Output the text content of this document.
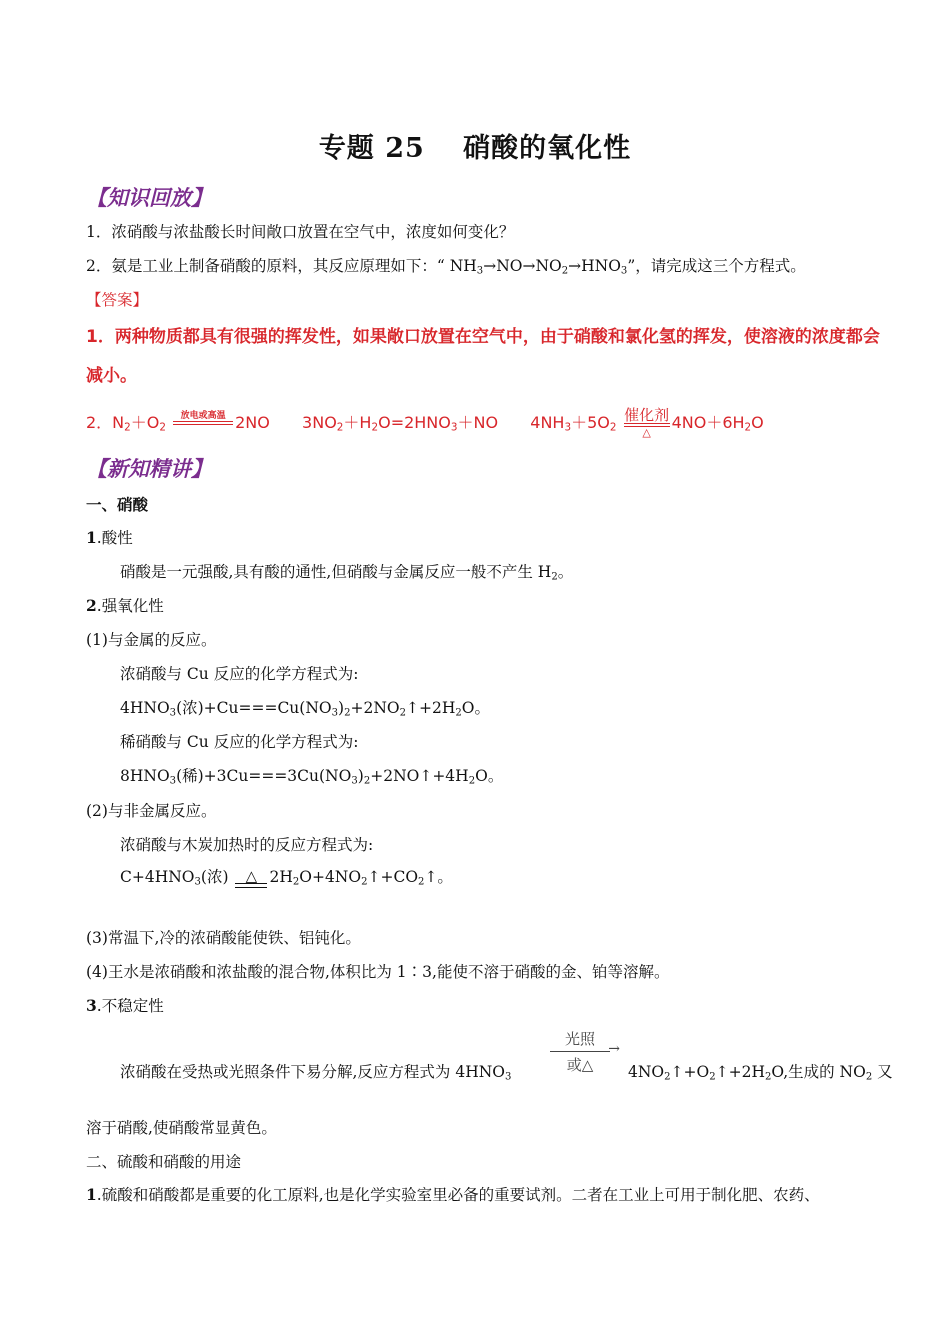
专题 25　 硝酸的氧化性
【知识回放】
1．浓硝酸与浓盐酸长时间敞口放置在空气中，浓度如何变化？
2．氨是工业上制备硝酸的原料，其反应原理如下：“ $NH_3\to NO\to NO_2\to HNO_3$”，请完成这三个方程式。
【答案】
1．两种物质都具有很强的挥发性，如果敞口放置在空气中，由于硝酸和氯化氢的挥发，使溶液的浓度都会
减小。
2．$N_2+O_2$
放电或高温
2NO $3NO_2+H_2O=2HNO_3+NO$ $4NH_3+5O_2$
催化剂
△
$4NO+6H_2O$
【新知精讲】
一、硝酸
1.酸性
硝酸是一元强酸,具有酸的通性,但硝酸与金属反应一般不产生 $H_2$。
2.强氧化性
(1)与金属的反应。
浓硝酸与 Cu 反应的化学方程式为:
$4HNO_3$(浓)$+Cu===Cu(NO_3)_2+2NO_2↑+2H_2O$。
稀硝酸与 Cu 反应的化学方程式为:
$8HNO_3$(稀)$+3Cu===3Cu(NO_3)_2+2NO↑+4H_2O$。
(2)与非金属反应。
浓硝酸与木炭加热时的反应方程式为:
$C+4HNO_3$(浓)	△ $2H_2O+4NO_2↑+CO_2↑$。
(3)常温下,冷的浓硝酸能使铁、铝钝化。
(4)王水是浓硝酸和浓盐酸的混合物,体积比为 1∶3,能使不溶于硝酸的金、铂等溶解。
3.不稳定性
光照
→
或△
浓硝酸在受热或光照条件下易分解,反应方程式为 $4HNO_3$	$4NO_2↑+O_2↑+2H_2O$,生成的 $NO_2$ 又
溶于硝酸,使硝酸常显黄色。
二、硫酸和硝酸的用途
1.硫酸和硝酸都是重要的化工原料,也是化学实验室里必备的重要试剂。二者在工业上可用于制化肥、农药、
